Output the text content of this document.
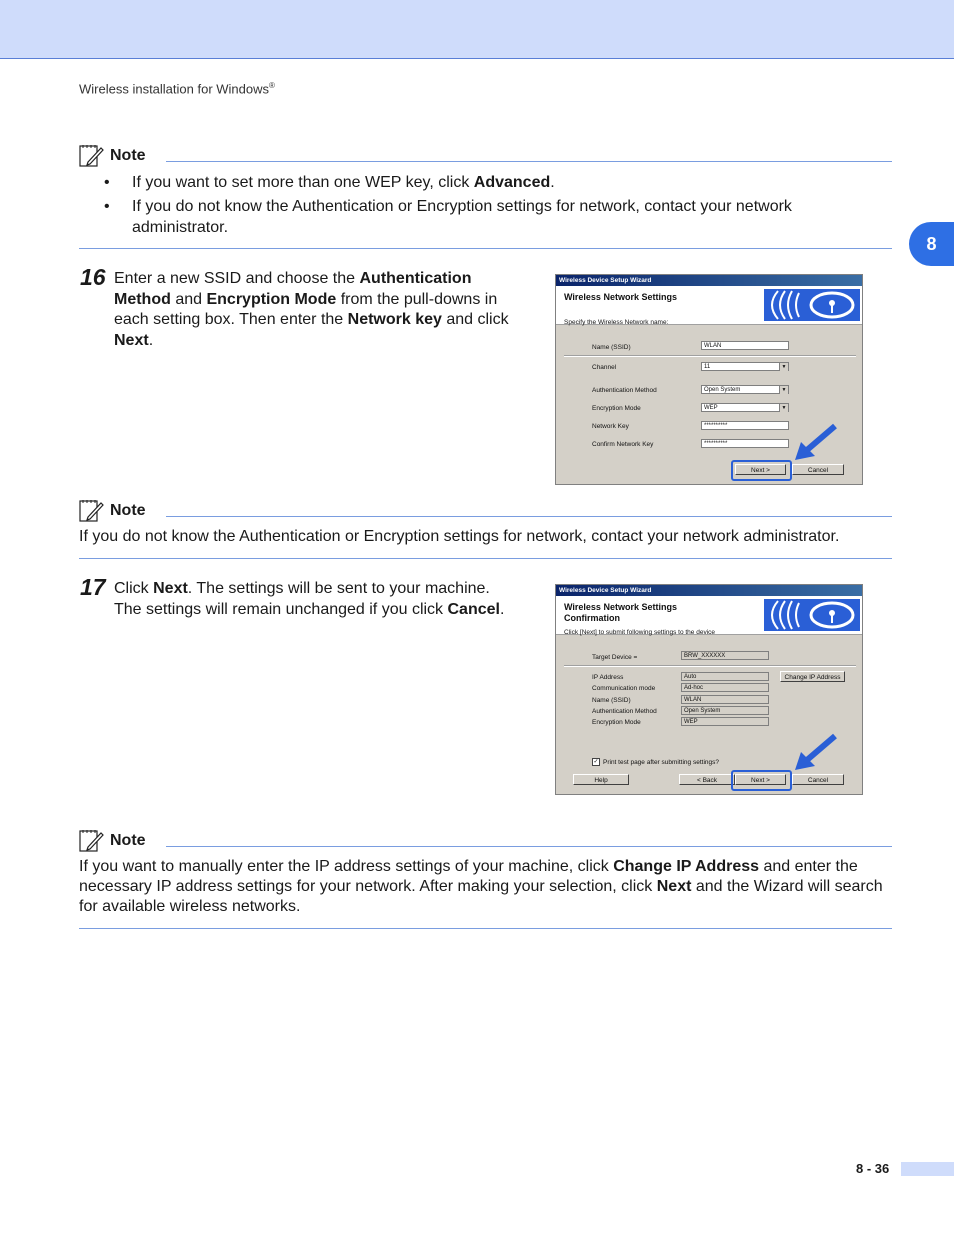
Wireless installation for Windows®
8
Note
• If you want to set more than one WEP key, click Advanced.
• If you do not know the Authentication or Encryption settings for network, contact your network administrator.
16 Enter a new SSID and choose the Authentication Method and Encryption Mode from the pull-downs in each setting box. Then enter the Network key and click Next.
Wireless Device Setup Wizard
Wireless Network Settings
Specify the Wireless Network name:
Name (SSID)	WLAN
Channel	11	▼
Authentication Method	Open System	▼
Encryption Mode	WEP	▼
Network Key	**********
Confirm Network Key	**********
Next >	Cancel
Note
If you do not know the Authentication or Encryption settings for network, contact your network administrator.
17 Click Next. The settings will be sent to your machine. The settings will remain unchanged if you click Cancel.
Wireless Device Setup Wizard
Wireless Network Settings
Confirmation
Click [Next] to submit following settings to the device
Target Device =	BRW_XXXXXX
IP Address	Auto	Change IP Address
Communication mode	Ad-hoc
Name (SSID)	WLAN
Authentication Method	Open System
Encryption Mode	WEP
✓ Print test page after submitting settings?
Help	< Back	Next >	Cancel
Note
If you want to manually enter the IP address settings of your machine, click Change IP Address and enter the necessary IP address settings for your network. After making your selection, click Next and the Wizard will search for available wireless networks.
8 - 36
